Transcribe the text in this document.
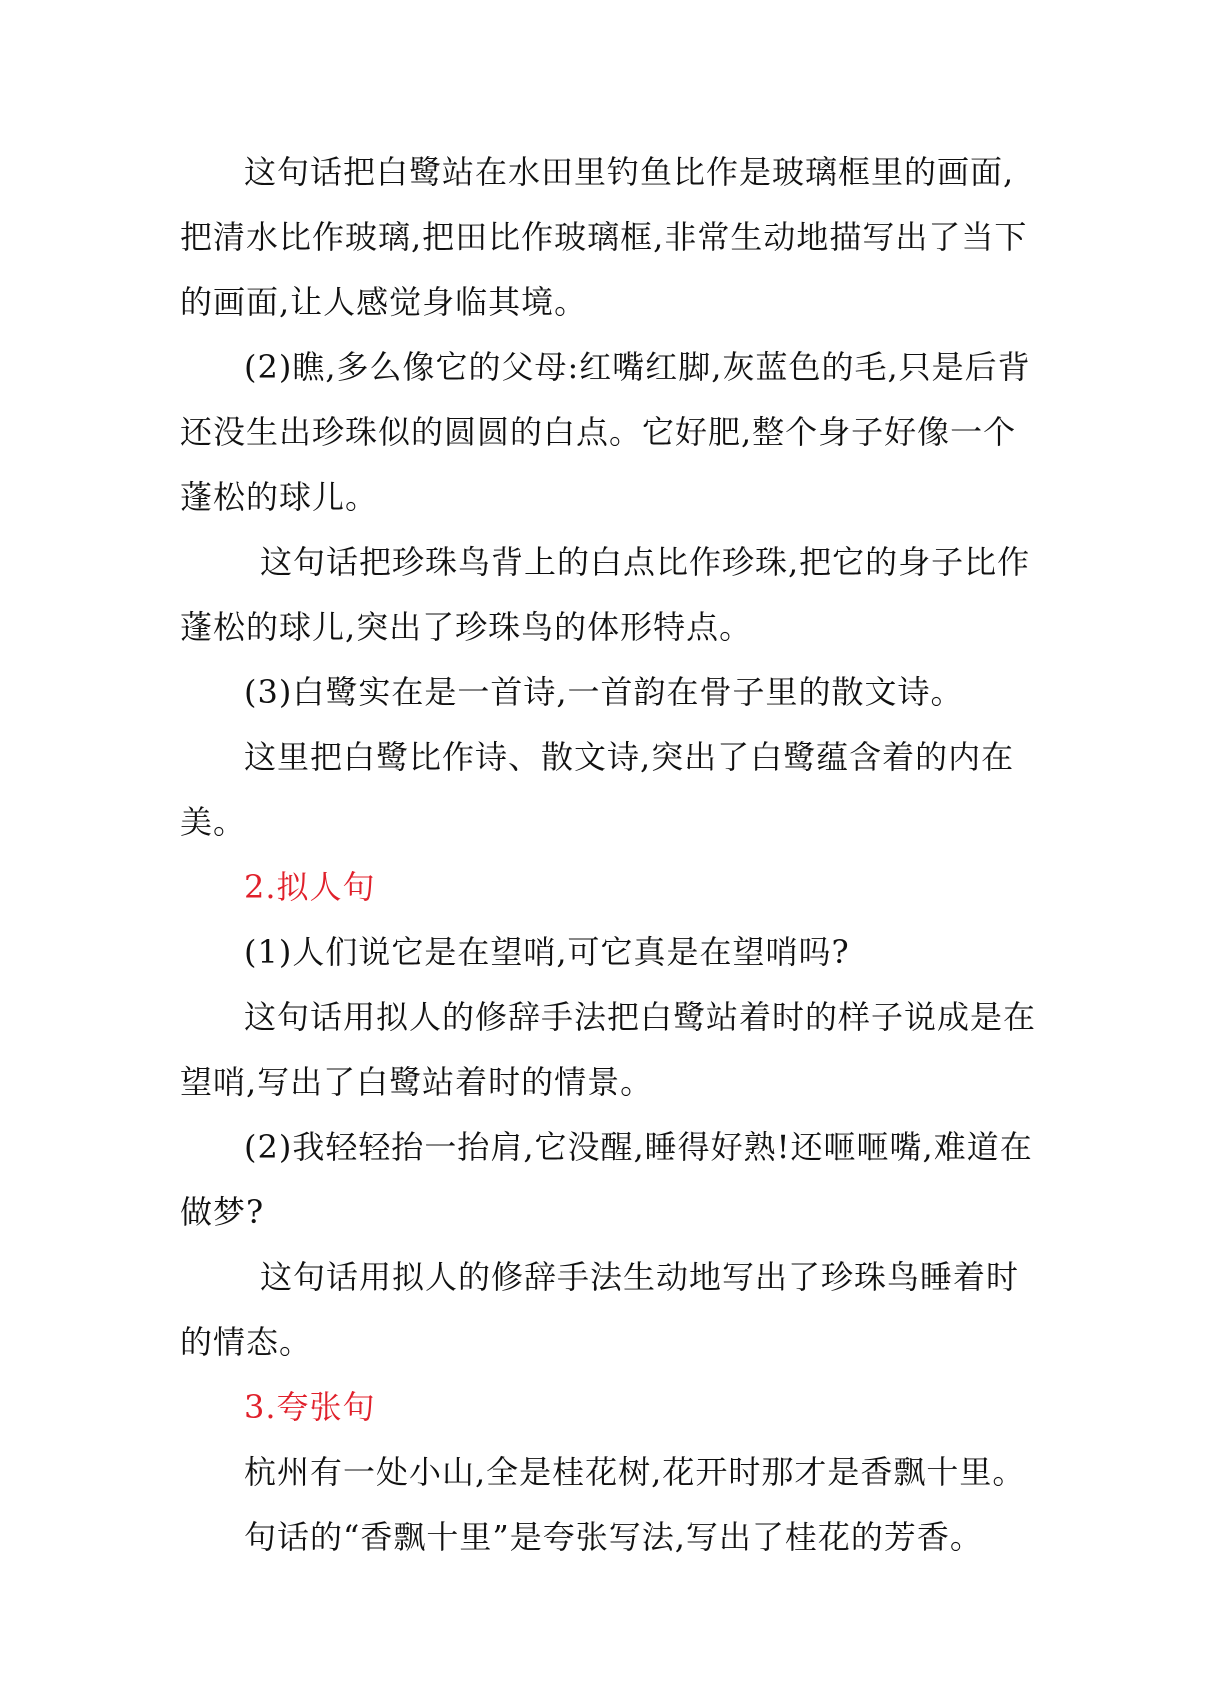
这句话把白鹭站在水田里钓鱼比作是玻璃框里的画面,把清水比作玻璃,把田比作玻璃框,非常生动地描写出了当下的画面,让人感觉身临其境。

(2)瞧,多么像它的父母:红嘴红脚,灰蓝色的毛,只是后背还没生出珍珠似的圆圆的白点。它好肥,整个身子好像一个蓬松的球儿。

这句话把珍珠鸟背上的白点比作珍珠,把它的身子比作蓬松的球儿,突出了珍珠鸟的体形特点。

(3)白鹭实在是一首诗,一首韵在骨子里的散文诗。

这里把白鹭比作诗、散文诗,突出了白鹭蕴含着的内在美。

2.拟人句

(1)人们说它是在望哨,可它真是在望哨吗?

这句话用拟人的修辞手法把白鹭站着时的样子说成是在望哨,写出了白鹭站着时的情景。

(2)我轻轻抬一抬肩,它没醒,睡得好熟!还咂咂嘴,难道在做梦?

这句话用拟人的修辞手法生动地写出了珍珠鸟睡着时的情态。

3.夸张句

杭州有一处小山,全是桂花树,花开时那才是香飘十里。

句话的“香飘十里”是夸张写法,写出了桂花的芳香。
